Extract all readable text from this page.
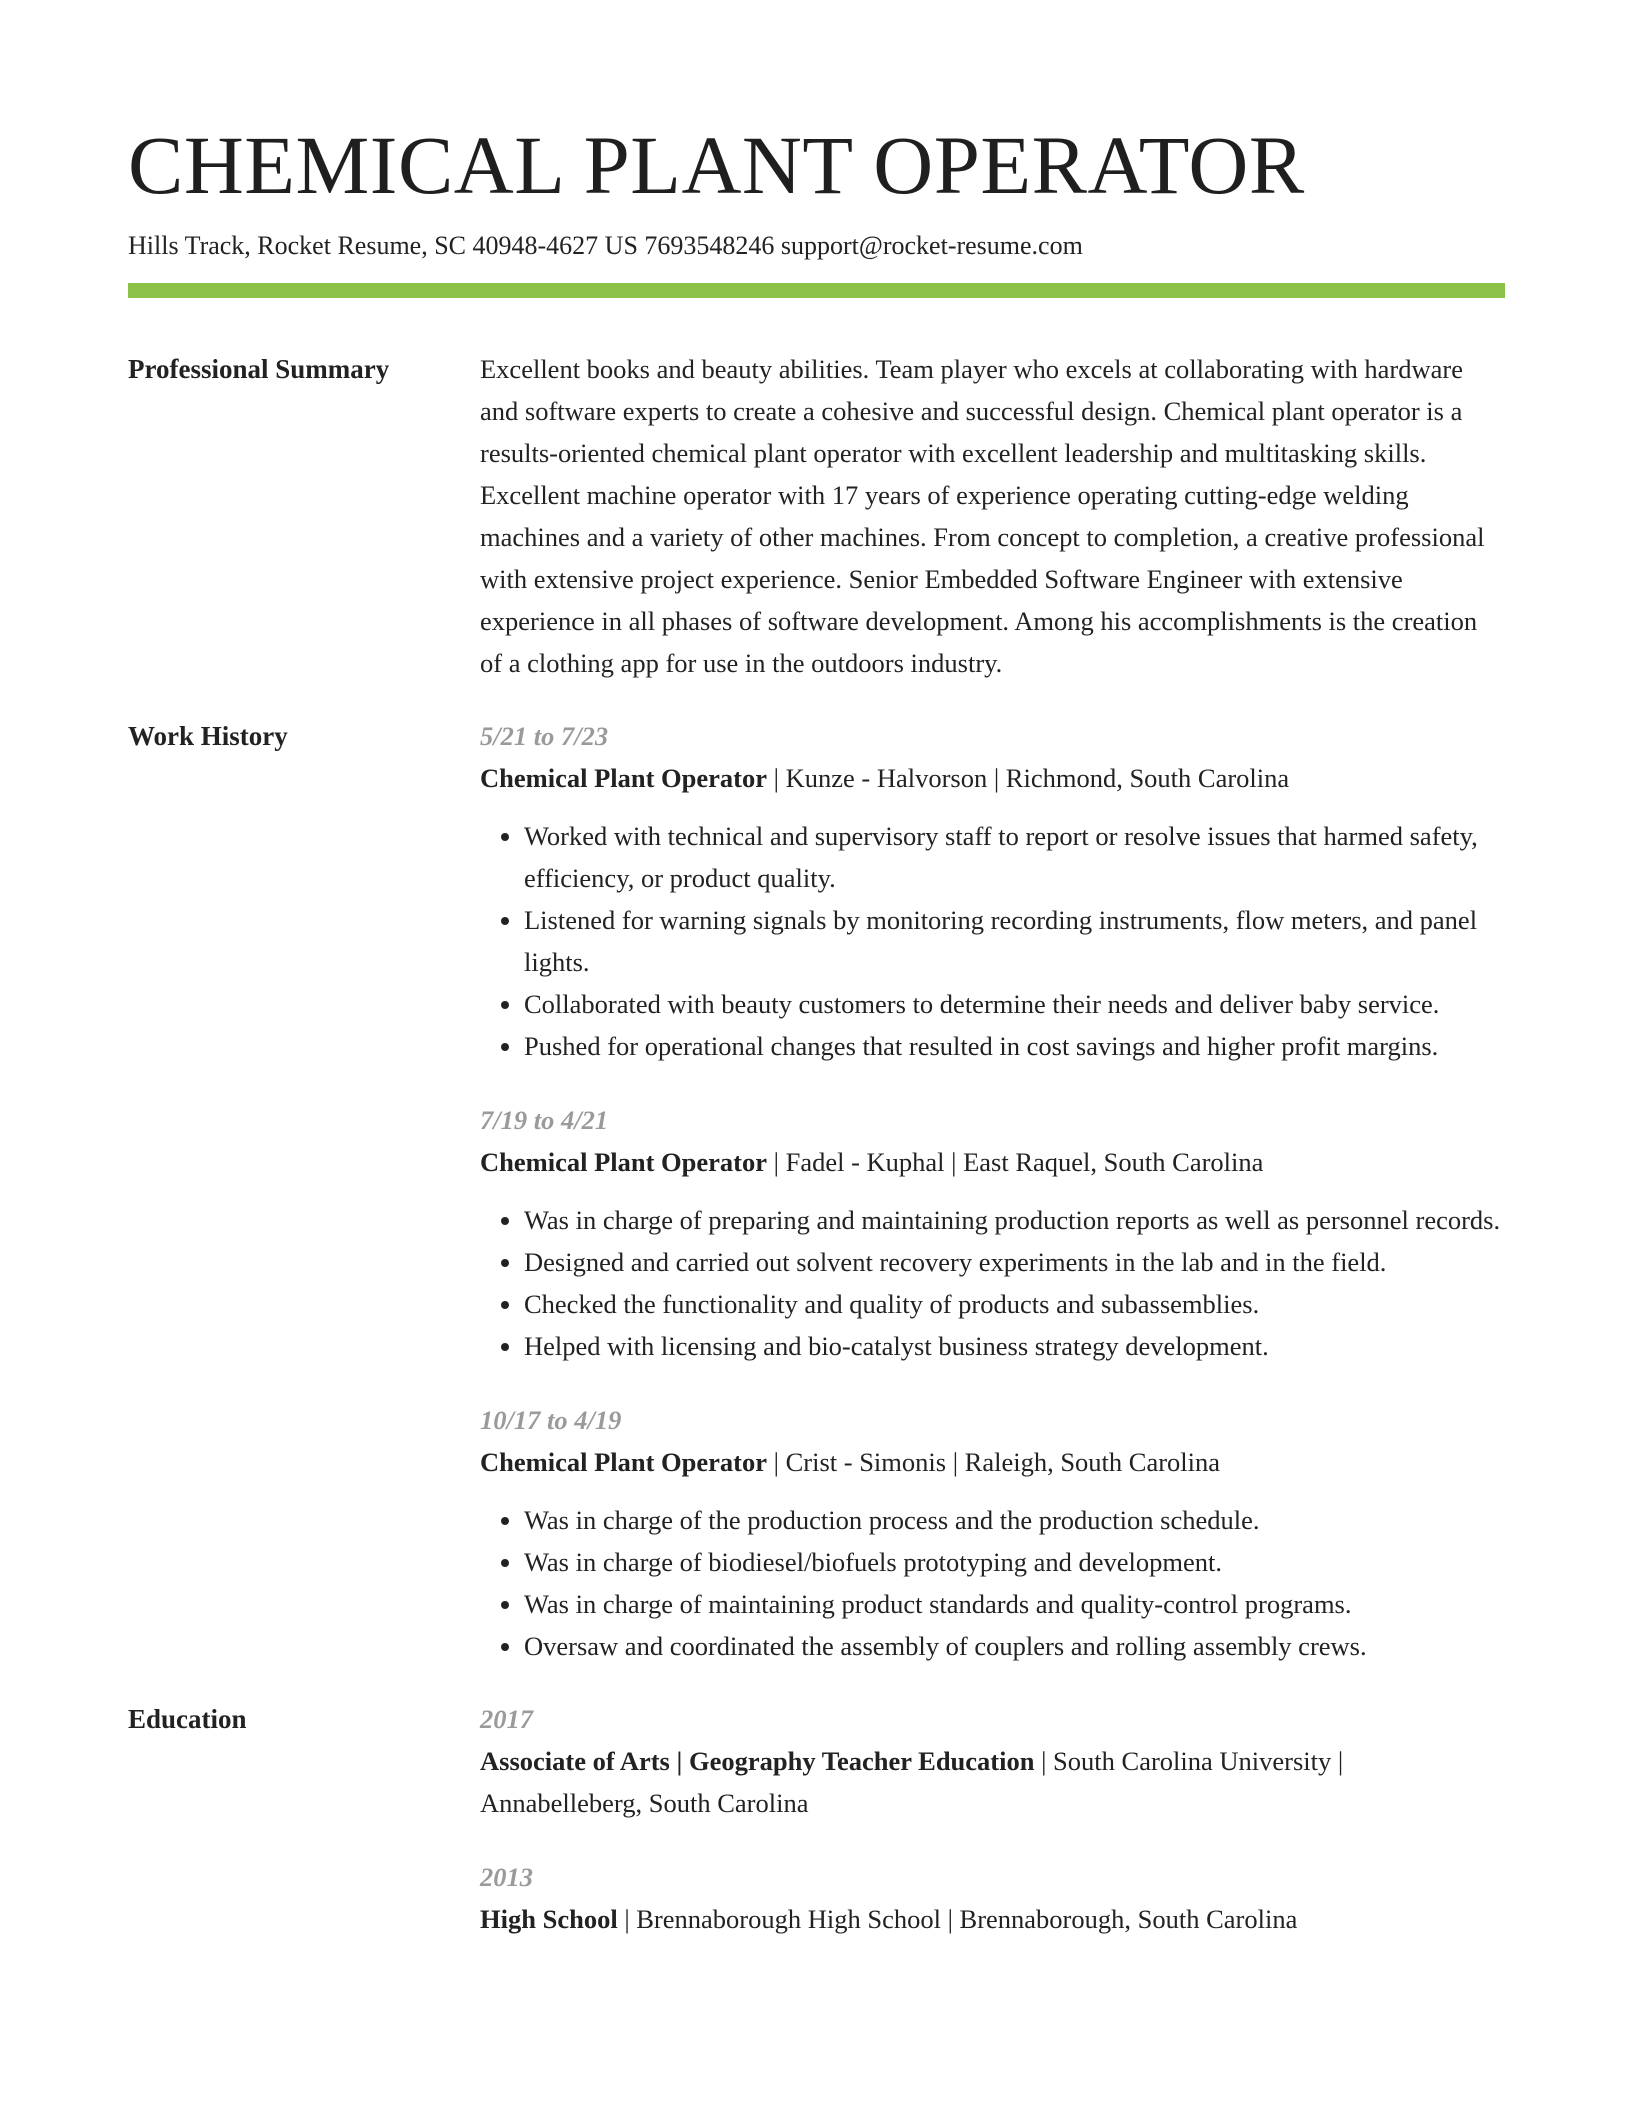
CHEMICAL PLANT OPERATOR
Hills Track, Rocket Resume, SC 40948-4627 US 7693548246 support@rocket-resume.com
Professional Summary	Excellent books and beauty abilities. Team player who excels at collaborating with hardware and software experts to create a cohesive and successful design. Chemical plant operator is a results-oriented chemical plant operator with excellent leadership and multitasking skills. Excellent machine operator with 17 years of experience operating cutting-edge welding machines and a variety of other machines. From concept to completion, a creative professional with extensive project experience. Senior Embedded Software Engineer with extensive experience in all phases of software development. Among his accomplishments is the creation of a clothing app for use in the outdoors industry.
Work History	5/21 to 7/23
Chemical Plant Operator | Kunze - Halvorson | Richmond, South Carolina
• Worked with technical and supervisory staff to report or resolve issues that harmed safety, efficiency, or product quality.
• Listened for warning signals by monitoring recording instruments, flow meters, and panel lights.
• Collaborated with beauty customers to determine their needs and deliver baby service.
• Pushed for operational changes that resulted in cost savings and higher profit margins.
7/19 to 4/21
Chemical Plant Operator | Fadel - Kuphal | East Raquel, South Carolina
• Was in charge of preparing and maintaining production reports as well as personnel records.
• Designed and carried out solvent recovery experiments in the lab and in the field.
• Checked the functionality and quality of products and subassemblies.
• Helped with licensing and bio-catalyst business strategy development.
10/17 to 4/19
Chemical Plant Operator | Crist - Simonis | Raleigh, South Carolina
• Was in charge of the production process and the production schedule.
• Was in charge of biodiesel/biofuels prototyping and development.
• Was in charge of maintaining product standards and quality-control programs.
• Oversaw and coordinated the assembly of couplers and rolling assembly crews.
Education	2017
Associate of Arts | Geography Teacher Education | South Carolina University | Annabelleberg, South Carolina
2013
High School | Brennaborough High School | Brennaborough, South Carolina
